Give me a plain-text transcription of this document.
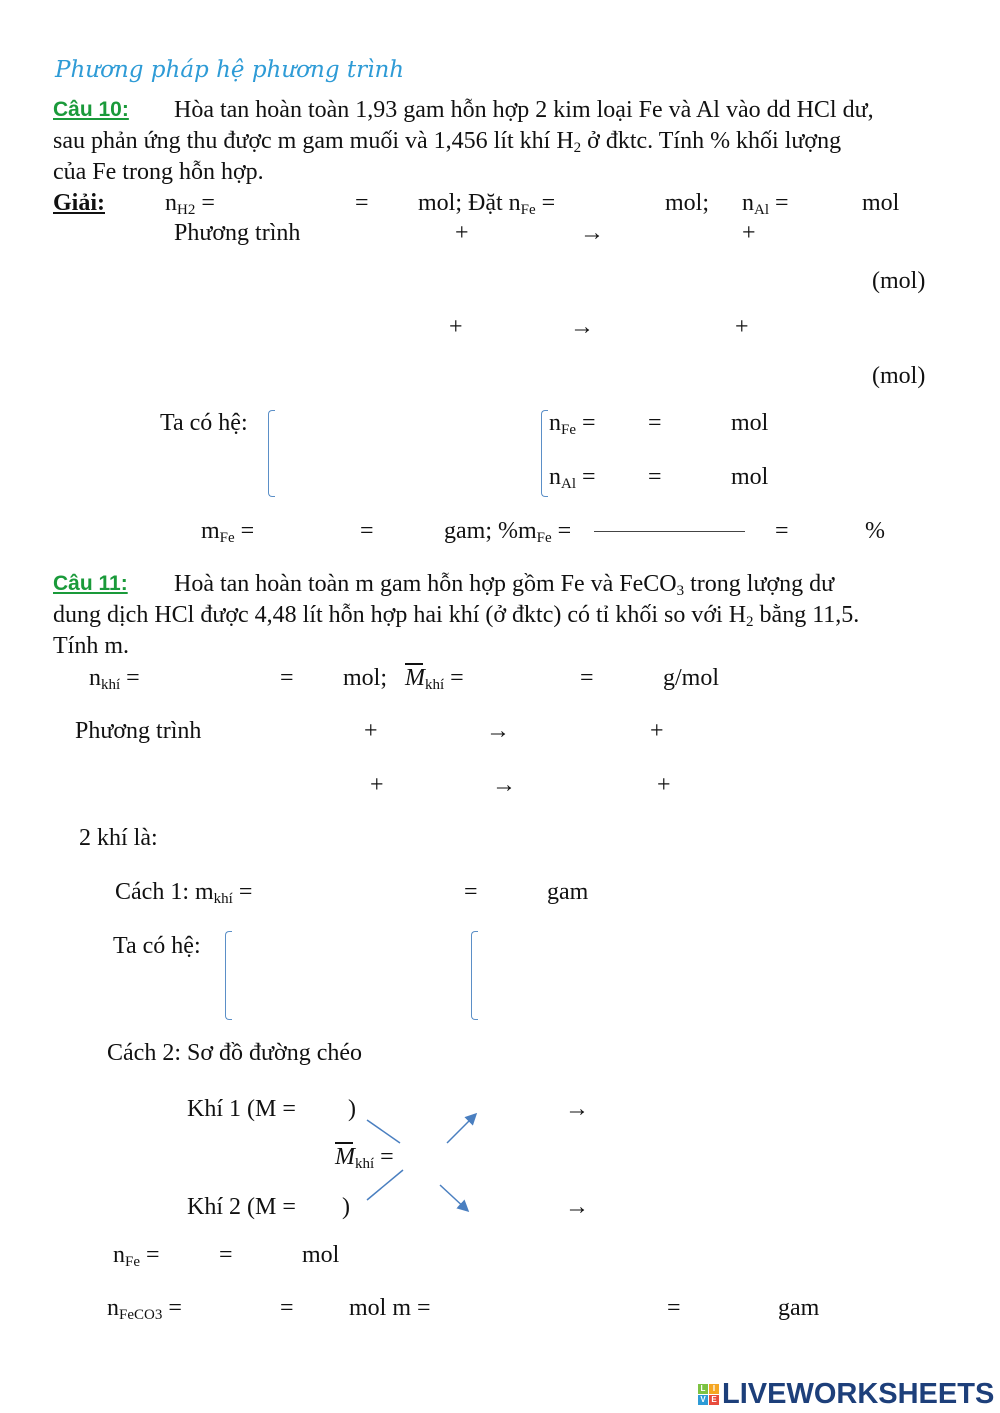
Phương pháp hệ phương trình
Câu 10: Hòa tan hoàn toàn 1,93 gam hỗn hợp 2 kim loại Fe và Al vào dd HCl dư,
sau phản ứng thu được m gam muối và 1,456 lít khí $H_2$ ở đktc. Tính % khối lượng
của Fe trong hỗn hợp.
Giải:	$n_{H2}$ =	= mol; Đặt $n_{Fe}$ =	mol; $n_{Al}$ =	mol
Phương trình	+	→	+
(mol)
+	→	+
(mol)
Ta có hệ:	$n_{Fe}$ = =	mol
$n_{Al}$ = =	mol
$m_{Fe}$ =	=	gam; $\%m_{Fe}$ =	=	%
Câu 11: Hoà tan hoàn toàn m gam hỗn hợp gồm Fe và FeCO$_3$ trong lượng dư
dung dịch HCl được 4,48 lít hỗn hợp hai khí (ở đktc) có tỉ khối so với $H_2$ bằng 11,5.
Tính m.
$n_{khí}$ =	= mol; $M_{khí}$ =	=	g/mol
Phương trình	+	→	+
+	→	+
2 khí là:
Cách 1: $m_{khí}$ =	=	gam
Ta có hệ:
Cách 2: Sơ đồ đường chéo
Khí 1 (M = )	→
$M_{khí}$ =
Khí 2 (M = )	→
$n_{Fe}$ = =	mol
$n_{FeCO3}$ =	= mol m =	=	gam
L I
V E LIVEWORKSHEETS
